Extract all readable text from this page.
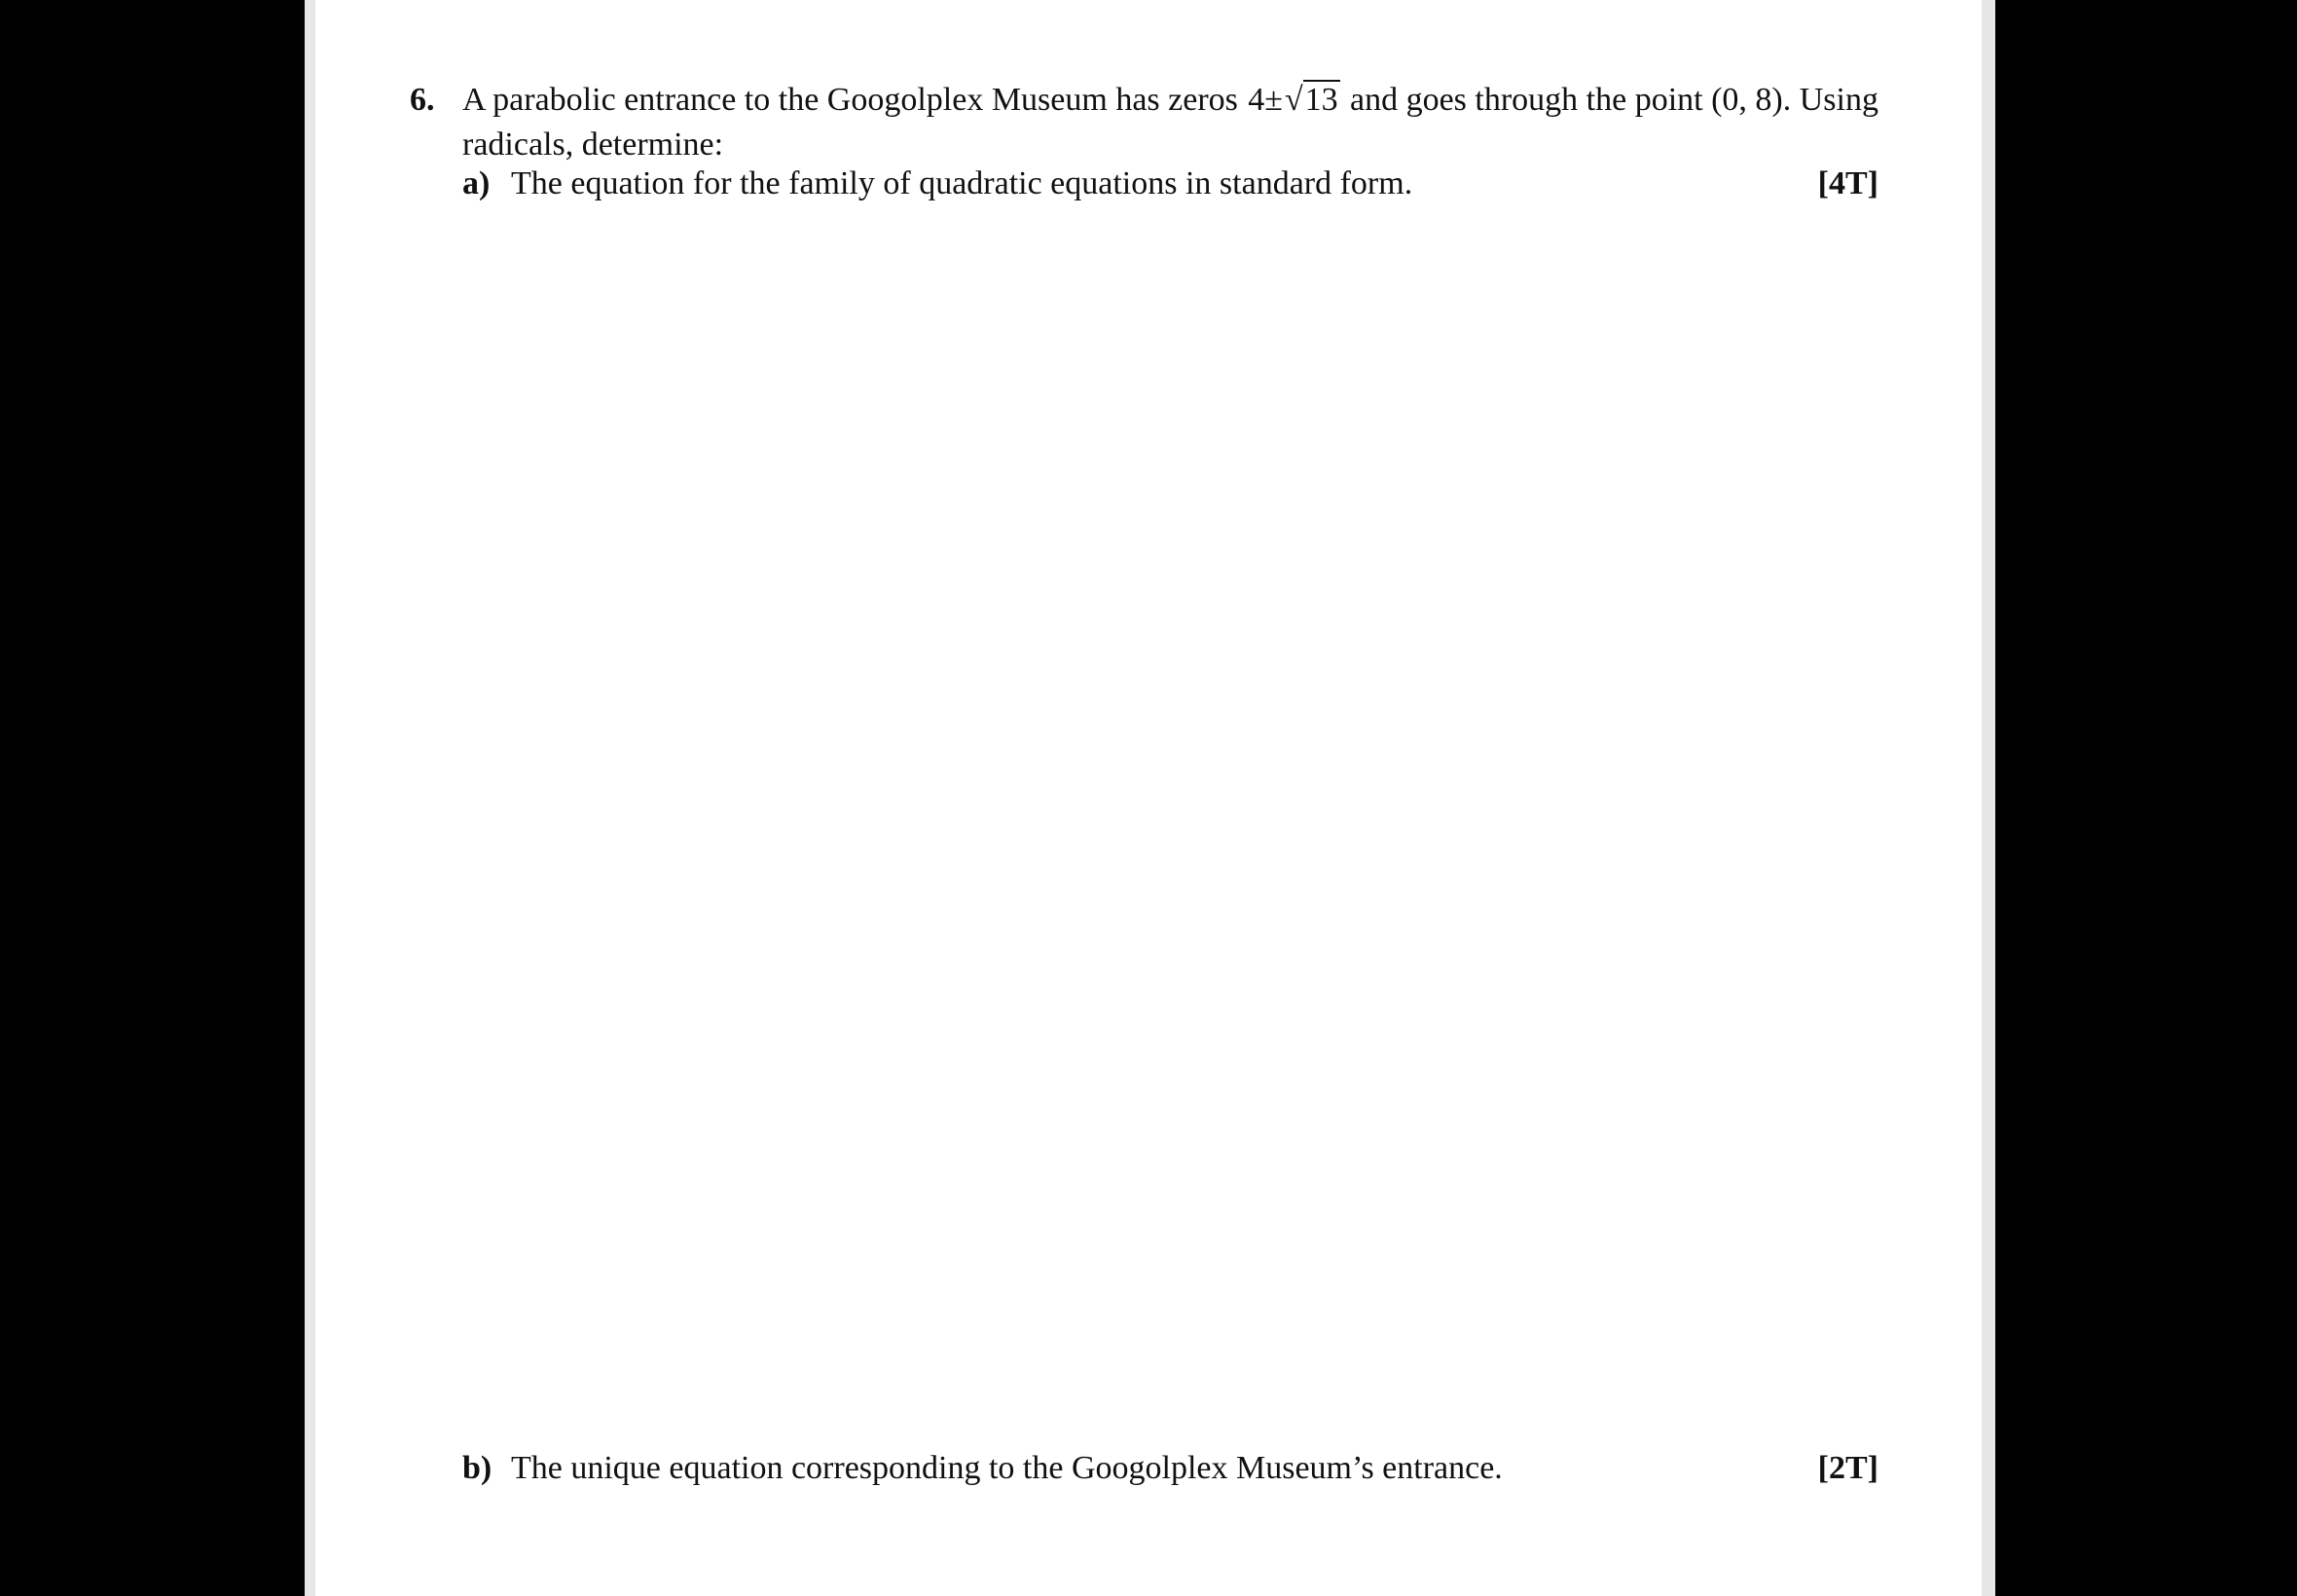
6. A parabolic entrance to the Googolplex Museum has zeros 4±√13 and goes through the point (0, 8). Using
radicals, determine:
a) The equation for the family of quadratic equations in standard form.	[4T]
b) The unique equation corresponding to the Googolplex Museum’s entrance.	[2T]
